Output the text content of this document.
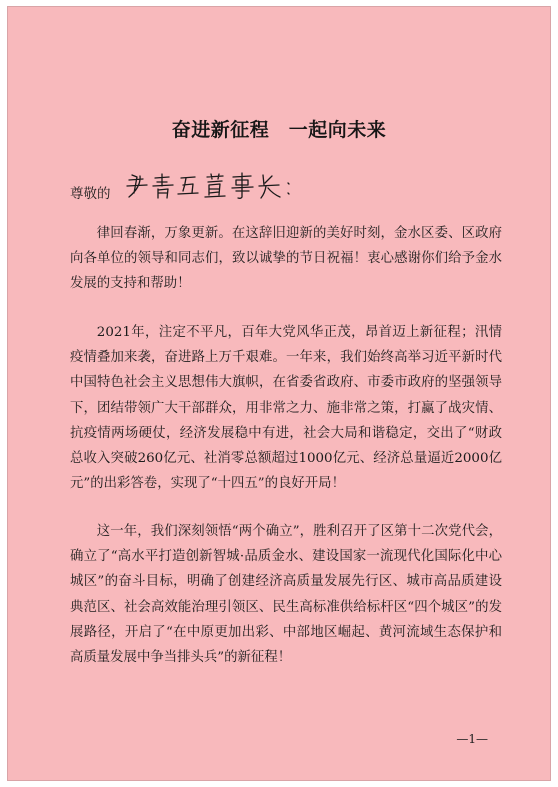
奋进新征程　一起向未来
尊敬的

律回春渐，万象更新。在这辞旧迎新的美好时刻，金水区委、区政府向各单位的领导和同志们，致以诚挚的节日祝福！衷心感谢你们给予金水发展的支持和帮助！

2021年，注定不平凡，百年大党风华正茂，昂首迈上新征程；汛情疫情叠加来袭，奋进路上万千艰难。一年来，我们始终高举习近平新时代中国特色社会主义思想伟大旗帜，在省委省政府、市委市政府的坚强领导下，团结带领广大干部群众，用非常之力、施非常之策，打赢了战灾情、抗疫情两场硬仗，经济发展稳中有进，社会大局和谐稳定，交出了“财政总收入突破260亿元、社消零总额超过1000亿元、经济总量逼近2000亿元”的出彩答卷，实现了“十四五”的良好开局！

这一年，我们深刻领悟“两个确立”，胜利召开了区第十二次党代会，确立了“高水平打造创新智城·品质金水、建设国家一流现代化国际化中心城区”的奋斗目标，明确了创建经济高质量发展先行区、城市高品质建设典范区、社会高效能治理引领区、民生高标准供给标杆区“四个城区”的发展路径，开启了“在中原更加出彩、中部地区崛起、黄河流域生态保护和高质量发展中争当排头兵”的新征程！

—1—
